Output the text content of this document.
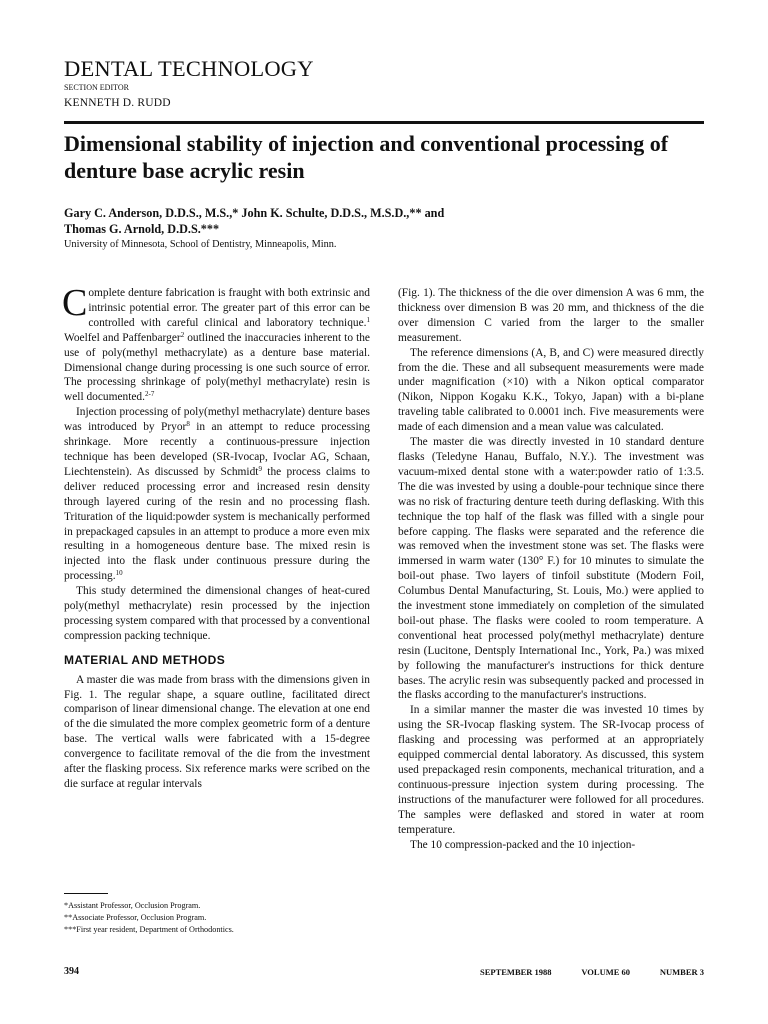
DENTAL TECHNOLOGY
SECTION EDITOR
KENNETH D. RUDD
Dimensional stability of injection and conventional processing of denture base acrylic resin
Gary C. Anderson, D.D.S., M.S.,* John K. Schulte, D.D.S., M.S.D.,** and
Thomas G. Arnold, D.D.S.***
University of Minnesota, School of Dentistry, Minneapolis, Minn.

Complete denture fabrication is fraught with both extrinsic and intrinsic potential error. The greater part of this error can be controlled with careful clinical and laboratory technique.$^1$ Woelfel and Paffenbarger$^2$ outlined the inaccuracies inherent to the use of poly(methyl methacrylate) as a denture base material. Dimensional change during processing is one such source of error. The processing shrinkage of poly(methyl methacrylate) resin is well documented.$^{2-7}$

Injection processing of poly(methyl methacrylate) denture bases was introduced by Pryor$^8$ in an attempt to reduce processing shrinkage. More recently a continuous-pressure injection technique has been developed (SR-Ivocap, Ivoclar AG, Schaan, Liechtenstein). As discussed by Schmidt$^9$ the process claims to deliver reduced processing error and increased resin density through layered curing of the resin and no processing flash. Trituration of the liquid:powder system is mechanically performed in prepackaged capsules in an attempt to produce a more even mix resulting in a homogeneous denture base. The mixed resin is injected into the flask under continuous pressure during the processing.$^{10}$

This study determined the dimensional changes of heat-cured poly(methyl methacrylate) resin processed by the injection processing system compared with that processed by a conventional compression packing technique.

MATERIAL AND METHODS

A master die was made from brass with the dimensions given in Fig. 1. The regular shape, a square outline, facilitated direct comparison of linear dimensional change. The elevation at one end of the die simulated the more complex geometric form of a denture base. The vertical walls were fabricated with a 15-degree convergence to facilitate removal of the die from the investment after the flasking process. Six reference marks were scribed on the die surface at regular intervals

*Assistant Professor, Occlusion Program.
**Associate Professor, Occlusion Program.
***First year resident, Department of Orthodontics.

(Fig. 1). The thickness of the die over dimension A was 6 mm, the thickness over dimension B was 20 mm, and thickness of the die over dimension C varied from the larger to the smaller measurement.

The reference dimensions (A, B, and C) were measured directly from the die. These and all subsequent measurements were made under magnification (×10) with a Nikon optical comparator (Nikon, Nippon Kogaku K.K., Tokyo, Japan) with a bi-plane traveling table calibrated to 0.0001 inch. Five measurements were made of each dimension and a mean value was calculated.

The master die was directly invested in 10 standard denture flasks (Teledyne Hanau, Buffalo, N.Y.). The investment was vacuum-mixed dental stone with a water:powder ratio of 1:3.5. The die was invested by using a double-pour technique since there was no risk of fracturing denture teeth during deflasking. With this technique the top half of the flask was filled with a single pour before capping. The flasks were separated and the reference die was removed when the investment stone was set. The flasks were immersed in warm water (130° F.) for 10 minutes to simulate the boil-out phase. Two layers of tinfoil substitute (Modern Foil, Columbus Dental Manufacturing, St. Louis, Mo.) were applied to the investment stone immediately on completion of the simulated boil-out phase. The flasks were cooled to room temperature. A conventional heat processed poly(methyl methacrylate) denture resin (Lucitone, Dentsply International Inc., York, Pa.) was mixed by following the manufacturer's instructions for thick denture bases. The acrylic resin was subsequently packed and processed in the flasks according to the manufacturer's instructions.

In a similar manner the master die was invested 10 times by using the SR-Ivocap flasking system. The SR-Ivocap process of flasking and processing was performed at an appropriately equipped commercial dental laboratory. As discussed, this system used prepackaged resin components, mechanical trituration, and a continuous-pressure injection system during processing. The instructions of the manufacturer were followed for all procedures. The samples were deflasked and stored in water at room temperature.

The 10 compression-packed and the 10 injection-

394	SEPTEMBER 1988	VOLUME 60	NUMBER 3
